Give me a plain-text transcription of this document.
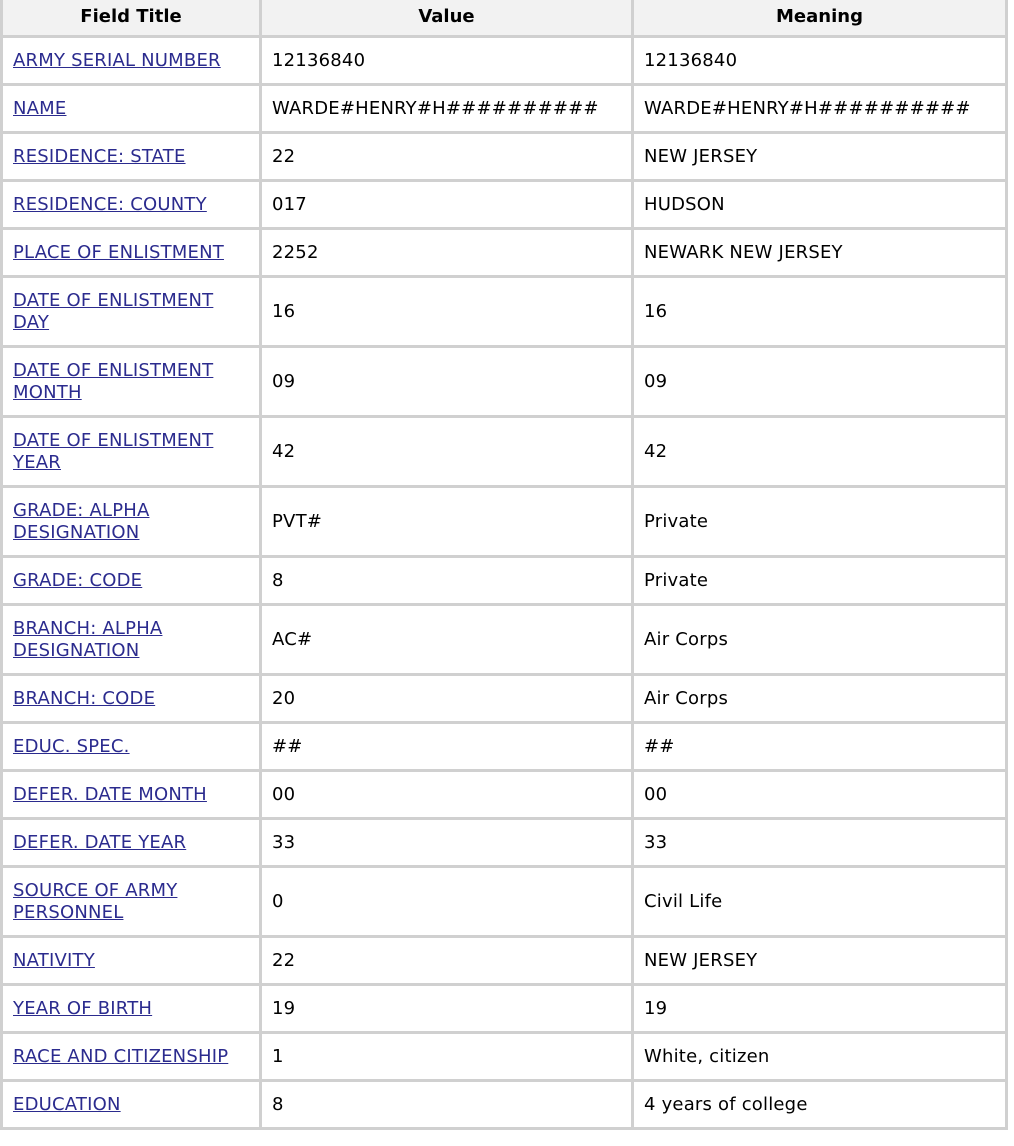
Field Title	Value	Meaning
ARMY SERIAL NUMBER	12136840	12136840
NAME	WARDE#HENRY#H##########	WARDE#HENRY#H##########
RESIDENCE: STATE	22	NEW JERSEY
RESIDENCE: COUNTY	017	HUDSON
PLACE OF ENLISTMENT	2252	NEWARK NEW JERSEY
DATE OF ENLISTMENT DAY	16	16
DATE OF ENLISTMENT MONTH	09	09
DATE OF ENLISTMENT YEAR	42	42
GRADE: ALPHA DESIGNATION	PVT#	Private
GRADE: CODE	8	Private
BRANCH: ALPHA DESIGNATION	AC#	Air Corps
BRANCH: CODE	20	Air Corps
EDUC. SPEC.	##	##
DEFER. DATE MONTH	00	00
DEFER. DATE YEAR	33	33
SOURCE OF ARMY PERSONNEL	0	Civil Life
NATIVITY	22	NEW JERSEY
YEAR OF BIRTH	19	19
RACE AND CITIZENSHIP	1	White, citizen
EDUCATION	8	4 years of college
